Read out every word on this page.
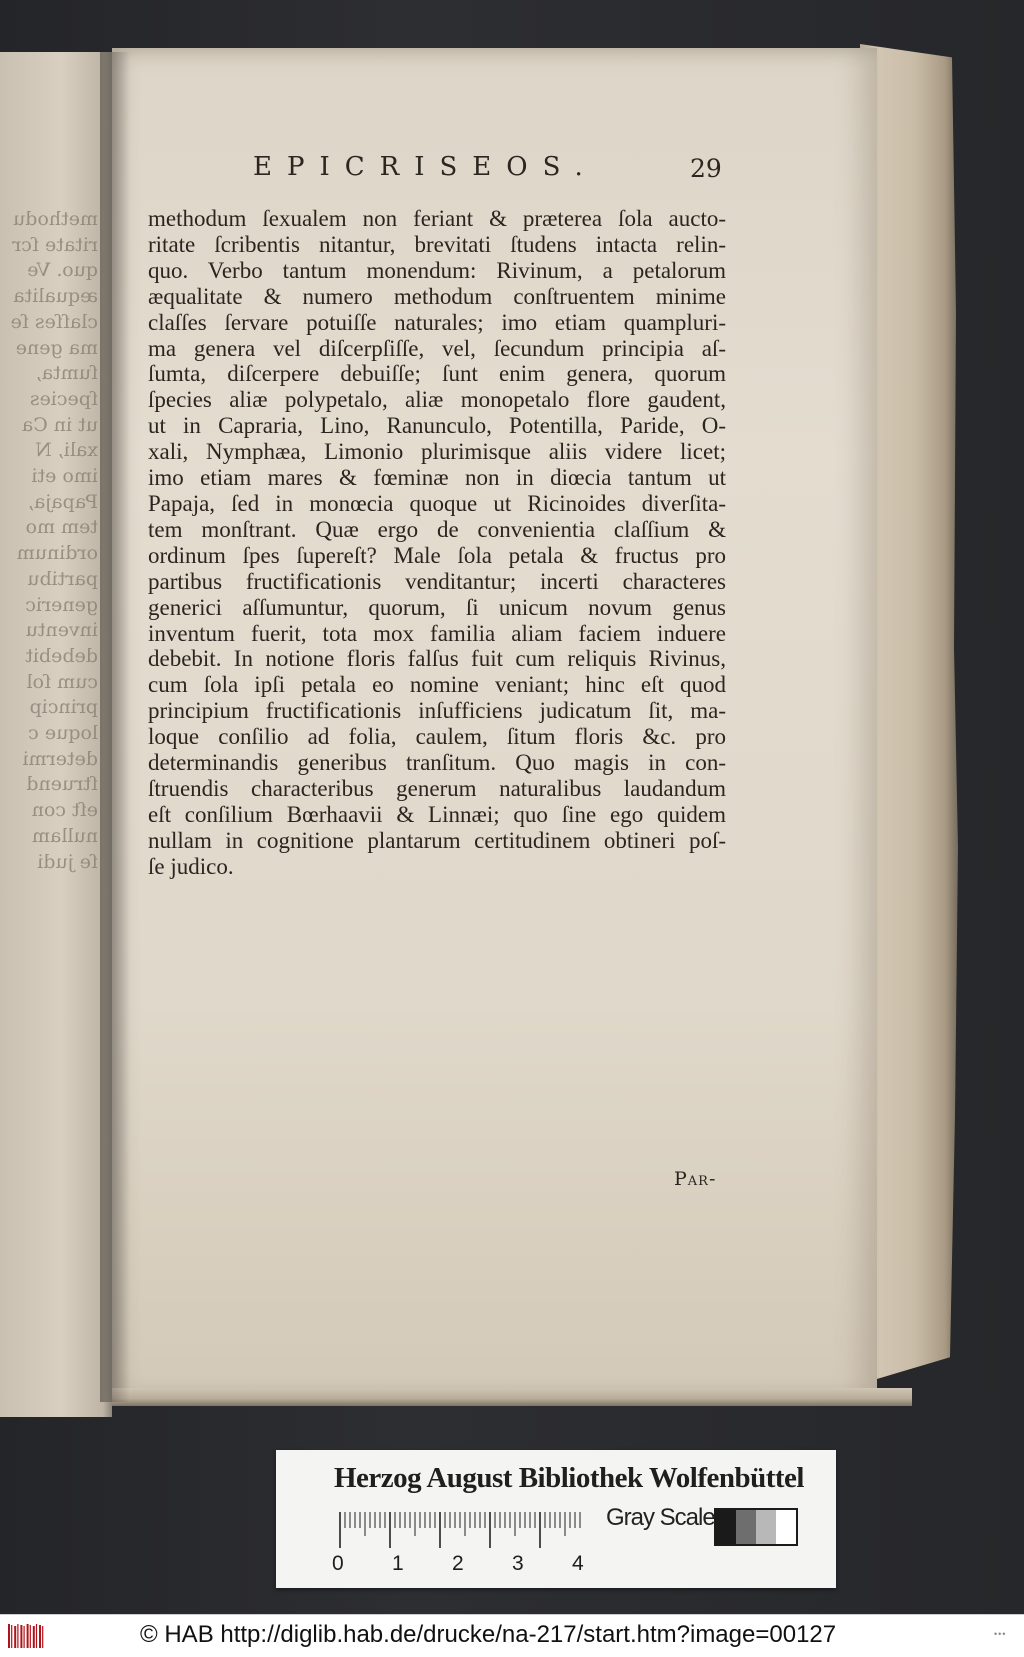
methodu
ritate ſcr
quo. Ve
æqualita
claſſes ſe
ma gene
ſumta,
ſpecies
ut in Ca
xali, N
imo eti
Papaja,
tem mo
ordinum
partibu
generic
inventu
debebit
cum ſol
princip
loque c
determi
ſtruend
eſt con
nullam
ſe judi
EPICRISEOS.	29
methodum ſexualem non feriant & præterea ſola aucto-
ritate ſcribentis nitantur, brevitati ſtudens intacta relin-
quo. Verbo tantum monendum: Rivinum, a petalorum
æqualitate & numero methodum conſtruentem minime
claſſes ſervare potuiſſe naturales; imo etiam quampluri-
ma genera vel diſcerpſiſſe, vel, ſecundum principia aſ-
ſumta, diſcerpere debuiſſe; ſunt enim genera, quorum
ſpecies aliæ polypetalo, aliæ monopetalo flore gaudent,
ut in Capraria, Lino, Ranunculo, Potentilla, Paride, O-
xali, Nymphæa, Limonio plurimisque aliis videre licet;
imo etiam mares & fœminæ non in diœcia tantum ut
Papaja, ſed in monœcia quoque ut Ricinoides diverſita-
tem monſtrant. Quæ ergo de convenientia claſſium &
ordinum ſpes ſupereſt? Male ſola petala & fructus pro
partibus fructificationis venditantur; incerti characteres
generici aſſumuntur, quorum, ſi unicum novum genus
inventum fuerit, tota mox familia aliam faciem induere
debebit. In notione floris falſus fuit cum reliquis Rivinus,
cum ſola ipſi petala eo nomine veniant; hinc eſt quod
principium fructificationis inſufficiens judicatum ſit, ma-
loque conſilio ad folia, caulem, ſitum floris &c. pro
determinandis generibus tranſitum. Quo magis in con-
ſtruendis characteribus generum naturalibus laudandum
eſt conſilium Bœrhaavii & Linnæi; quo ſine ego quidem
nullam in cognitione plantarum certitudinem obtineri poſ-
ſe judico.
Par-
Herzog August Bibliothek Wolfenbüttel
0 1 2 3 4
Gray Scale
© HAB http://diglib.hab.de/drucke/na-217/start.htm?image=00127	•••
